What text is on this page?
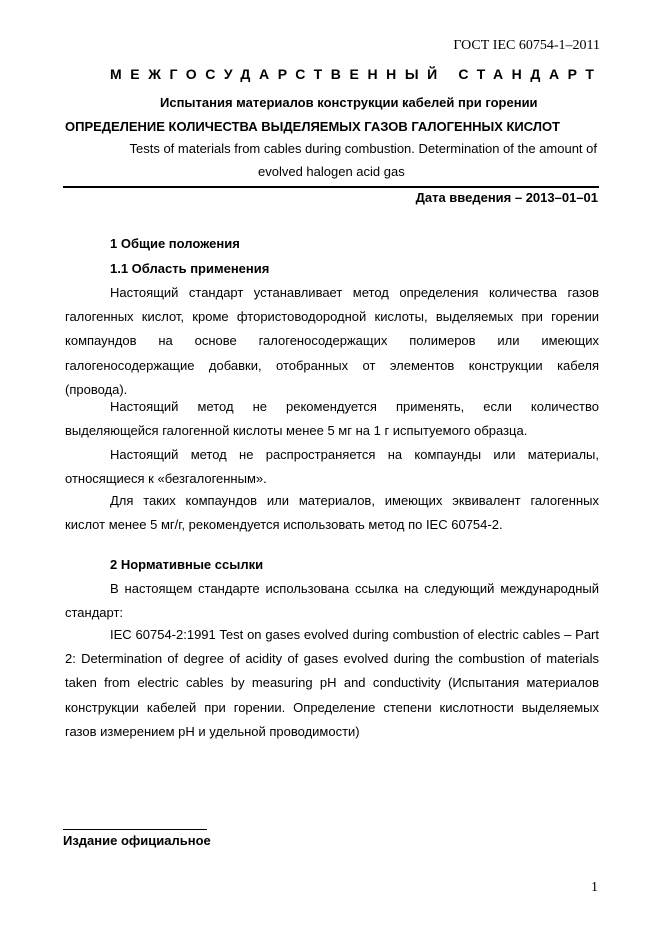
ГОСТ IEC 60754-1–2011
МЕЖГОСУДАРСТВЕННЫЙ СТАНДАРТ
Испытания материалов конструкции кабелей при горении
ОПРЕДЕЛЕНИЕ КОЛИЧЕСТВА ВЫДЕЛЯЕМЫХ ГАЗОВ ГАЛОГЕННЫХ КИСЛОТ
Tests of materials from cables during combustion. Determination of the amount of
evolved halogen acid gas
Дата введения – 2013–01–01
1 Общие положения
1.1 Область применения
Настоящий стандарт устанавливает метод определения количества газов галогенных кислот, кроме фтористоводородной кислоты, выделяемых при горении компаундов на основе галогеносодержащих полимеров или имеющих галогеносодержащие добавки, отобранных от элементов конструкции кабеля (провода).
Настоящий метод не рекомендуется применять, если количество выделяющейся галогенной кислоты менее 5 мг на 1 г испытуемого образца.
Настоящий метод не распространяется на компаунды или материалы, относящиеся к «безгалогенным».
Для таких компаундов или материалов, имеющих эквивалент галогенных кислот менее 5 мг/г, рекомендуется использовать метод по IEC 60754-2.
2 Нормативные ссылки
В настоящем стандарте использована ссылка на следующий международный стандарт:
IEC 60754-2:1991 Test on gases evolved during combustion of electric cables – Part 2: Determination of degree of acidity of gases evolved during the combustion of materials taken from electric cables by measuring pH and conductivity (Испытания материалов конструкции кабелей при горении. Определение степени кислотности выделяемых газов измерением pH и удельной проводимости)
Издание официальное
1
